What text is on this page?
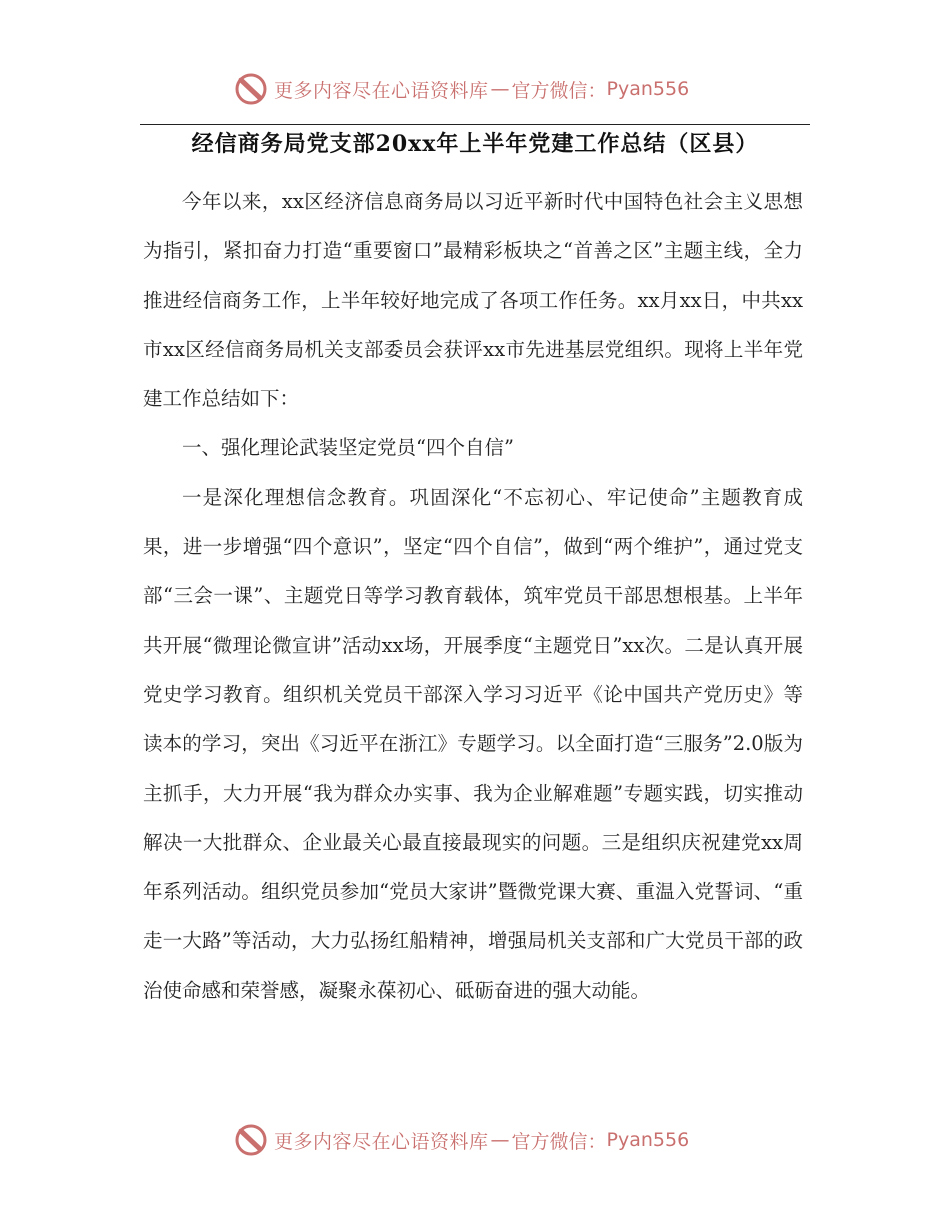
更多内容尽在心语资料库 — 官方微信： Pyan556
经信商务局党支部20xx年上半年党建工作总结（区县）

今年以来，xx区经济信息商务局以习近平新时代中国特色社会主义思想为指引，紧扣奋力打造“重要窗口”最精彩板块之“首善之区”主题主线，全力推进经信商务工作，上半年较好地完成了各项工作任务。xx月xx日，中共xx市xx区经信商务局机关支部委员会获评xx市先进基层党组织。现将上半年党建工作总结如下：

一、强化理论武装坚定党员“四个自信”

一是深化理想信念教育。巩固深化“不忘初心、牢记使命”主题教育成果，进一步增强“四个意识”，坚定“四个自信”，做到“两个维护”，通过党支部“三会一课”、主题党日等学习教育载体，筑牢党员干部思想根基。上半年共开展“微理论微宣讲”活动xx场，开展季度“主题党日”xx次。二是认真开展党史学习教育。组织机关党员干部深入学习习近平《论中国共产党历史》等读本的学习，突出《习近平在浙江》专题学习。以全面打造“三服务”2.0版为主抓手，大力开展“我为群众办实事、我为企业解难题”专题实践，切实推动解决一大批群众、企业最关心最直接最现实的问题。三是组织庆祝建党xx周年系列活动。组织党员参加“党员大家讲”暨微党课大赛、重温入党誓词、“重走一大路”等活动，大力弘扬红船精神，增强局机关支部和广大党员干部的政治使命感和荣誉感，凝聚永葆初心、砥砺奋进的强大动能。

更多内容尽在心语资料库 — 官方微信： Pyan556
